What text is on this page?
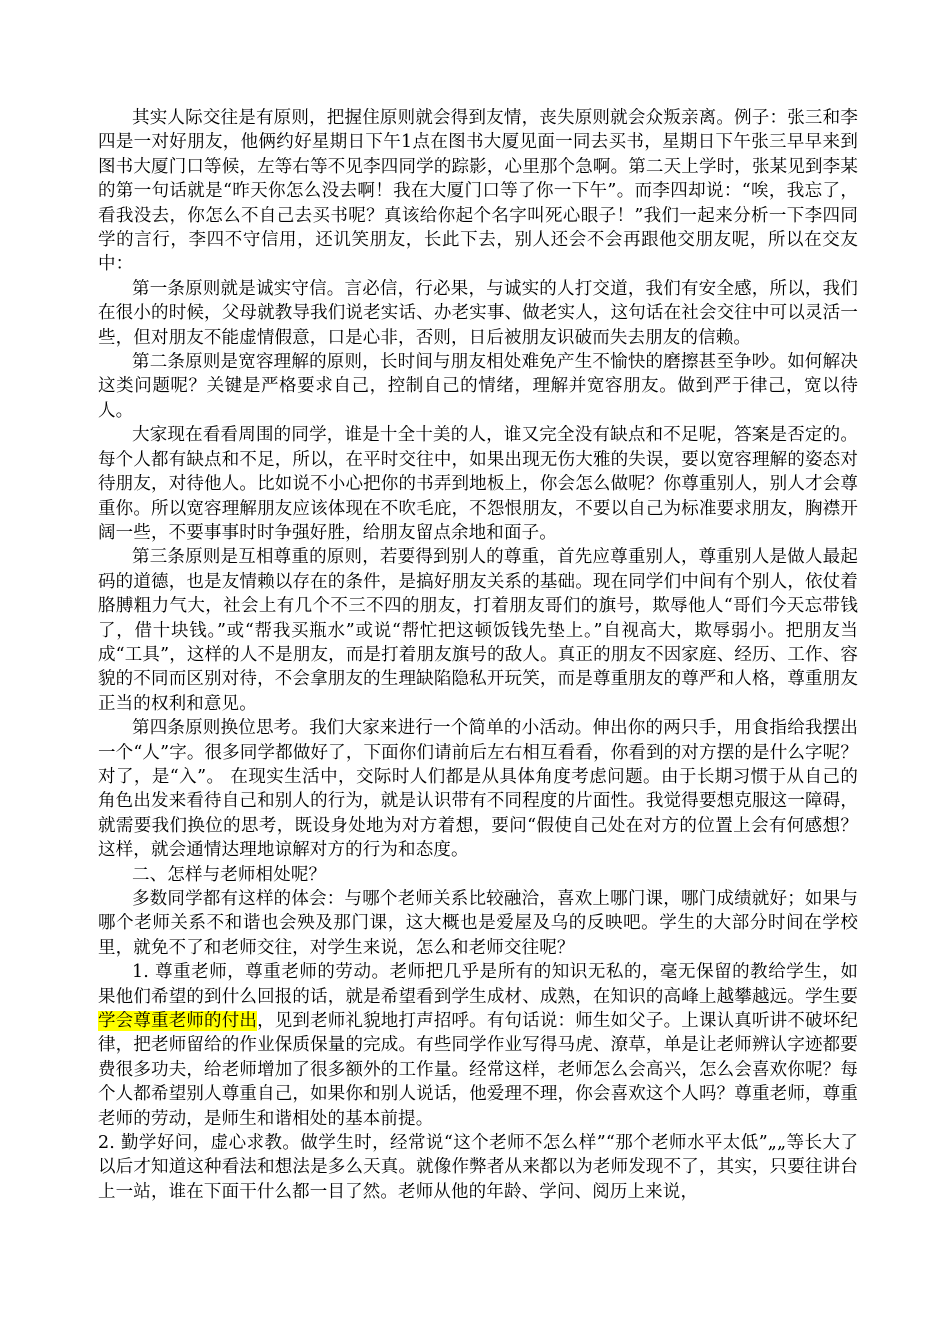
其实人际交往是有原则，把握住原则就会得到友情，丧失原则就会众叛亲离。例子：张三和李四是一对好朋友，他俩约好星期日下午1点在图书大厦见面一同去买书，星期日下午张三早早来到图书大厦门口等候，左等右等不见李四同学的踪影，心里那个急啊。第二天上学时，张某见到李某的第一句话就是“昨天你怎么没去啊！我在大厦门口等了你一下午”。而李四却说：“唉，我忘了，看我没去，你怎么不自己去买书呢？真该给你起个名字叫死心眼子！”我们一起来分析一下李四同学的言行，李四不守信用，还讥笑朋友，长此下去，别人还会不会再跟他交朋友呢，所以在交友中：

第一条原则就是诚实守信。言必信，行必果，与诚实的人打交道，我们有安全感，所以，我们在很小的时候，父母就教导我们说老实话、办老实事、做老实人，这句话在社会交往中可以灵活一些，但对朋友不能虚情假意，口是心非，否则，日后被朋友识破而失去朋友的信赖。

第二条原则是宽容理解的原则，长时间与朋友相处难免产生不愉快的磨擦甚至争吵。如何解决这类问题呢？关键是严格要求自己，控制自己的情绪，理解并宽容朋友。做到严于律己，宽以待人。

大家现在看看周围的同学，谁是十全十美的人，谁又完全没有缺点和不足呢，答案是否定的。每个人都有缺点和不足，所以，在平时交往中，如果出现无伤大雅的失误，要以宽容理解的姿态对待朋友，对待他人。比如说不小心把你的书弄到地板上，你会怎么做呢？你尊重别人，别人才会尊重你。所以宽容理解朋友应该体现在不吹毛庇，不怨恨朋友，不要以自己为标准要求朋友，胸襟开阔一些，不要事事时时争强好胜，给朋友留点余地和面子。

第三条原则是互相尊重的原则，若要得到别人的尊重，首先应尊重别人，尊重别人是做人最起码的道德，也是友情赖以存在的条件，是搞好朋友关系的基础。现在同学们中间有个别人，依仗着胳膊粗力气大，社会上有几个不三不四的朋友，打着朋友哥们的旗号，欺辱他人“哥们今天忘带钱了，借十块钱。”或“帮我买瓶水”或说“帮忙把这顿饭钱先垫上。”自视高大，欺辱弱小。把朋友当成“工具”，这样的人不是朋友，而是打着朋友旗号的敌人。真正的朋友不因家庭、经历、工作、容貌的不同而区别对待，不会拿朋友的生理缺陷隐私开玩笑，而是尊重朋友的尊严和人格，尊重朋友正当的权利和意见。

第四条原则换位思考。我们大家来进行一个简单的小活动。伸出你的两只手，用食指给我摆出一个“人”字。很多同学都做好了，下面你们请前后左右相互看看，你看到的对方摆的是什么字呢？对了，是“入”。 在现实生活中，交际时人们都是从具体角度考虑问题。由于长期习惯于从自己的角色出发来看待自己和别人的行为，就是认识带有不同程度的片面性。我觉得要想克服这一障碍，就需要我们换位的思考，既设身处地为对方着想，要问“假使自己处在对方的位置上会有何感想？这样，就会通情达理地谅解对方的行为和态度。

二、怎样与老师相处呢？

多数同学都有这样的体会：与哪个老师关系比较融洽，喜欢上哪门课，哪门成绩就好；如果与哪个老师关系不和谐也会殃及那门课，这大概也是爱屋及乌的反映吧。学生的大部分时间在学校里，就免不了和老师交往，对学生来说，怎么和老师交往呢？

1. 尊重老师，尊重老师的劳动。老师把几乎是所有的知识无私的，毫无保留的教给学生，如果他们希望的到什么回报的话，就是希望看到学生成材、成熟，在知识的高峰上越攀越远。学生要学会尊重老师的付出，见到老师礼貌地打声招呼。有句话说：师生如父子。上课认真听讲不破坏纪律，把老师留给的作业保质保量的完成。有些同学作业写得马虎、潦草，单是让老师辨认字迹都要费很多功夫，给老师增加了很多额外的工作量。经常这样，老师怎么会高兴，怎么会喜欢你呢？每个人都希望别人尊重自己，如果你和别人说话，他爱理不理，你会喜欢这个人吗？尊重老师，尊重老师的劳动，是师生和谐相处的基本前提。

2. 勤学好问，虚心求教。做学生时，经常说“这个老师不怎么样”“那个老师水平太低”„„等长大了以后才知道这种看法和想法是多么天真。就像作弊者从来都以为老师发现不了，其实，只要往讲台上一站，谁在下面干什么都一目了然。老师从他的年龄、学问、阅历上来说，
